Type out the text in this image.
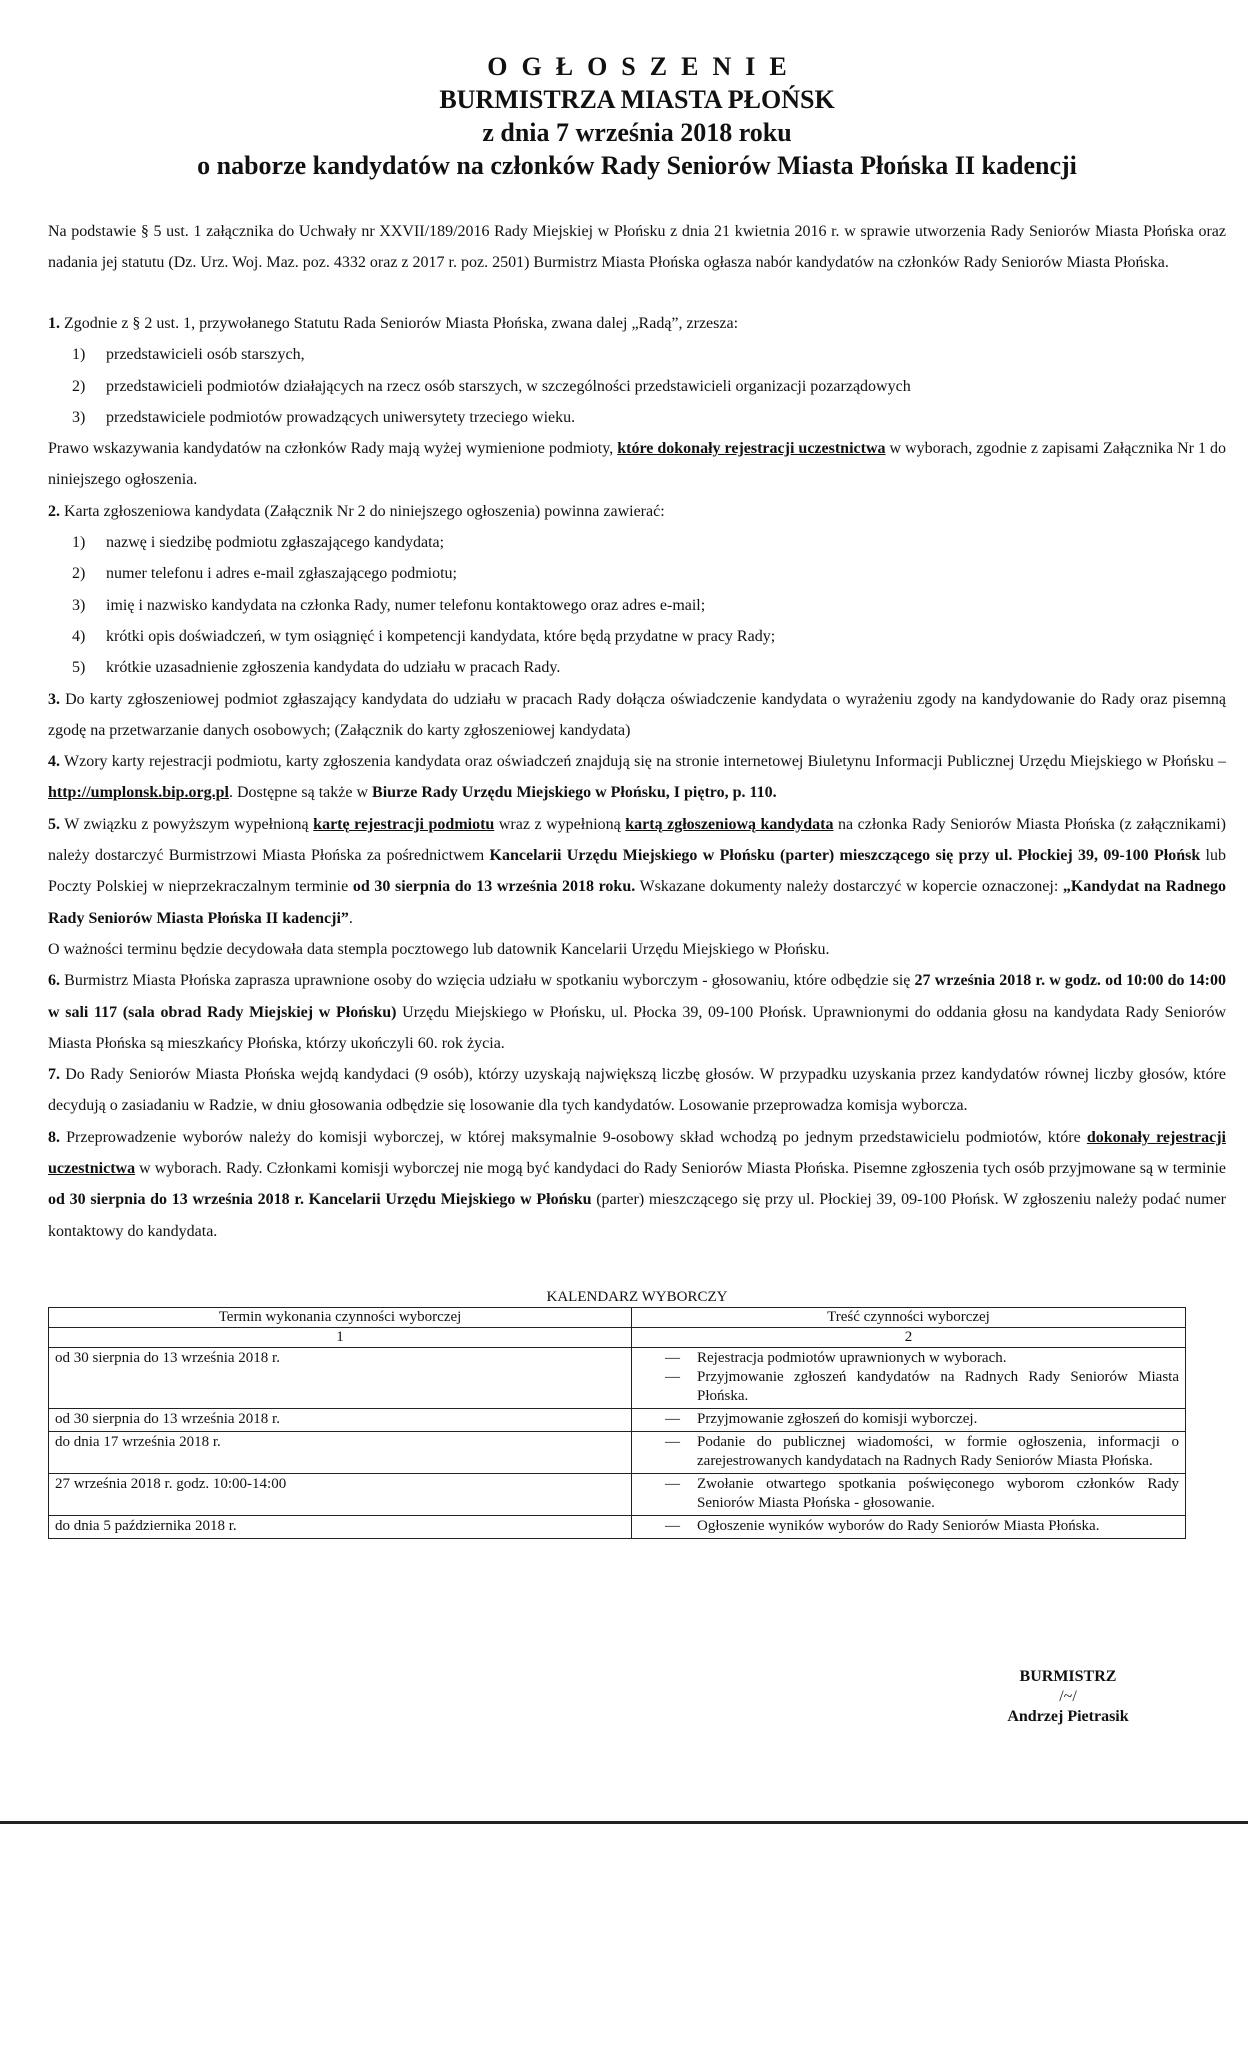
OGŁOSZENIE
BURMISTRZA MIASTA PŁOŃSK
z dnia 7 września 2018 roku
o naborze kandydatów na członków Rady Seniorów Miasta Płońska II kadencji
Na podstawie § 5 ust. 1 załącznika do Uchwały nr XXVII/189/2016 Rady Miejskiej w Płońsku z dnia 21 kwietnia 2016 r. w sprawie utworzenia Rady Seniorów Miasta Płońska oraz nadania jej statutu (Dz. Urz. Woj. Maz. poz. 4332 oraz z 2017 r. poz. 2501) Burmistrz Miasta Płońska ogłasza nabór kandydatów na członków Rady Seniorów Miasta Płońska.

1. Zgodnie z § 2 ust. 1, przywołanego Statutu Rada Seniorów Miasta Płońska, zwana dalej „Radą”, zrzesza:

1) przedstawicieli osób starszych,

2) przedstawicieli podmiotów działających na rzecz osób starszych, w szczególności przedstawicieli organizacji pozarządowych

3) przedstawiciele podmiotów prowadzących uniwersytety trzeciego wieku.

Prawo wskazywania kandydatów na członków Rady mają wyżej wymienione podmioty, które dokonały rejestracji uczestnictwa w wyborach, zgodnie z zapisami Załącznika Nr 1 do niniejszego ogłoszenia.

2. Karta zgłoszeniowa kandydata (Załącznik Nr 2 do niniejszego ogłoszenia) powinna zawierać:

1) nazwę i siedzibę podmiotu zgłaszającego kandydata;

2) numer telefonu i adres e-mail zgłaszającego podmiotu;

3) imię i nazwisko kandydata na członka Rady, numer telefonu kontaktowego oraz adres e-mail;

4) krótki opis doświadczeń, w tym osiągnięć i kompetencji kandydata, które będą przydatne w pracy Rady;

5) krótkie uzasadnienie zgłoszenia kandydata do udziału w pracach Rady.

3. Do karty zgłoszeniowej podmiot zgłaszający kandydata do udziału w pracach Rady dołącza oświadczenie kandydata o wyrażeniu zgody na kandydowanie do Rady oraz pisemną zgodę na przetwarzanie danych osobowych; (Załącznik do karty zgłoszeniowej kandydata)

4. Wzory karty rejestracji podmiotu, karty zgłoszenia kandydata oraz oświadczeń znajdują się na stronie internetowej Biuletynu Informacji Publicznej Urzędu Miejskiego w Płońsku – http://umplonsk.bip.org.pl. Dostępne są także w Biurze Rady Urzędu Miejskiego w Płońsku, I piętro, p. 110.

5. W związku z powyższym wypełnioną kartę rejestracji podmiotu wraz z wypełnioną kartą zgłoszeniową kandydata na członka Rady Seniorów Miasta Płońska (z załącznikami) należy dostarczyć Burmistrzowi Miasta Płońska za pośrednictwem Kancelarii Urzędu Miejskiego w Płońsku (parter) mieszczącego się przy ul. Płockiej 39, 09-100 Płońsk lub Poczty Polskiej w nieprzekraczalnym terminie od 30 sierpnia do 13 września 2018 roku. Wskazane dokumenty należy dostarczyć w kopercie oznaczonej: „Kandydat na Radnego Rady Seniorów Miasta Płońska II kadencji”.

O ważności terminu będzie decydowała data stempla pocztowego lub datownik Kancelarii Urzędu Miejskiego w Płońsku.

6. Burmistrz Miasta Płońska zaprasza uprawnione osoby do wzięcia udziału w spotkaniu wyborczym - głosowaniu, które odbędzie się 27 września 2018 r. w godz. od 10:00 do 14:00 w sali 117 (sala obrad Rady Miejskiej w Płońsku) Urzędu Miejskiego w Płońsku, ul. Płocka 39, 09-100 Płońsk. Uprawnionymi do oddania głosu na kandydata Rady Seniorów Miasta Płońska są mieszkańcy Płońska, którzy ukończyli 60. rok życia.

7. Do Rady Seniorów Miasta Płońska wejdą kandydaci (9 osób), którzy uzyskają największą liczbę głosów. W przypadku uzyskania przez kandydatów równej liczby głosów, które decydują o zasiadaniu w Radzie, w dniu głosowania odbędzie się losowanie dla tych kandydatów. Losowanie przeprowadza komisja wyborcza.

8. Przeprowadzenie wyborów należy do komisji wyborczej, w której maksymalnie 9-osobowy skład wchodzą po jednym przedstawicielu podmiotów, które dokonały rejestracji uczestnictwa w wyborach. Rady. Członkami komisji wyborczej nie mogą być kandydaci do Rady Seniorów Miasta Płońska. Pisemne zgłoszenia tych osób przyjmowane są w terminie od 30 sierpnia do 13 września 2018 r. Kancelarii Urzędu Miejskiego w Płońsku (parter) mieszczącego się przy ul. Płockiej 39, 09-100 Płońsk. W zgłoszeniu należy podać numer kontaktowy do kandydata.

KALENDARZ WYBORCZY
Termin wykonania czynności wyborczej	Treść czynności wyborczej
1	2
od 30 sierpnia do 13 września 2018 r.	— Rejestracja podmiotów uprawnionych w wyborach.
— Przyjmowanie zgłoszeń kandydatów na Radnych Rady Seniorów Miasta Płońska.

od 30 sierpnia do 13 września 2018 r.	— Przyjmowanie zgłoszeń do komisji wyborczej.

do dnia 17 września 2018 r.	— Podanie do publicznej wiadomości, w formie ogłoszenia, informacji o zarejestrowanych kandydatach na Radnych Rady Seniorów Miasta Płońska.

27 września 2018 r. godz. 10:00-14:00	— Zwołanie otwartego spotkania poświęconego wyborom członków Rady Seniorów Miasta Płońska - głosowanie.

do dnia 5 października 2018 r.	— Ogłoszenie wyników wyborów do Rady Seniorów Miasta Płońska.
BURMISTRZ
/~/
Andrzej Pietrasik
